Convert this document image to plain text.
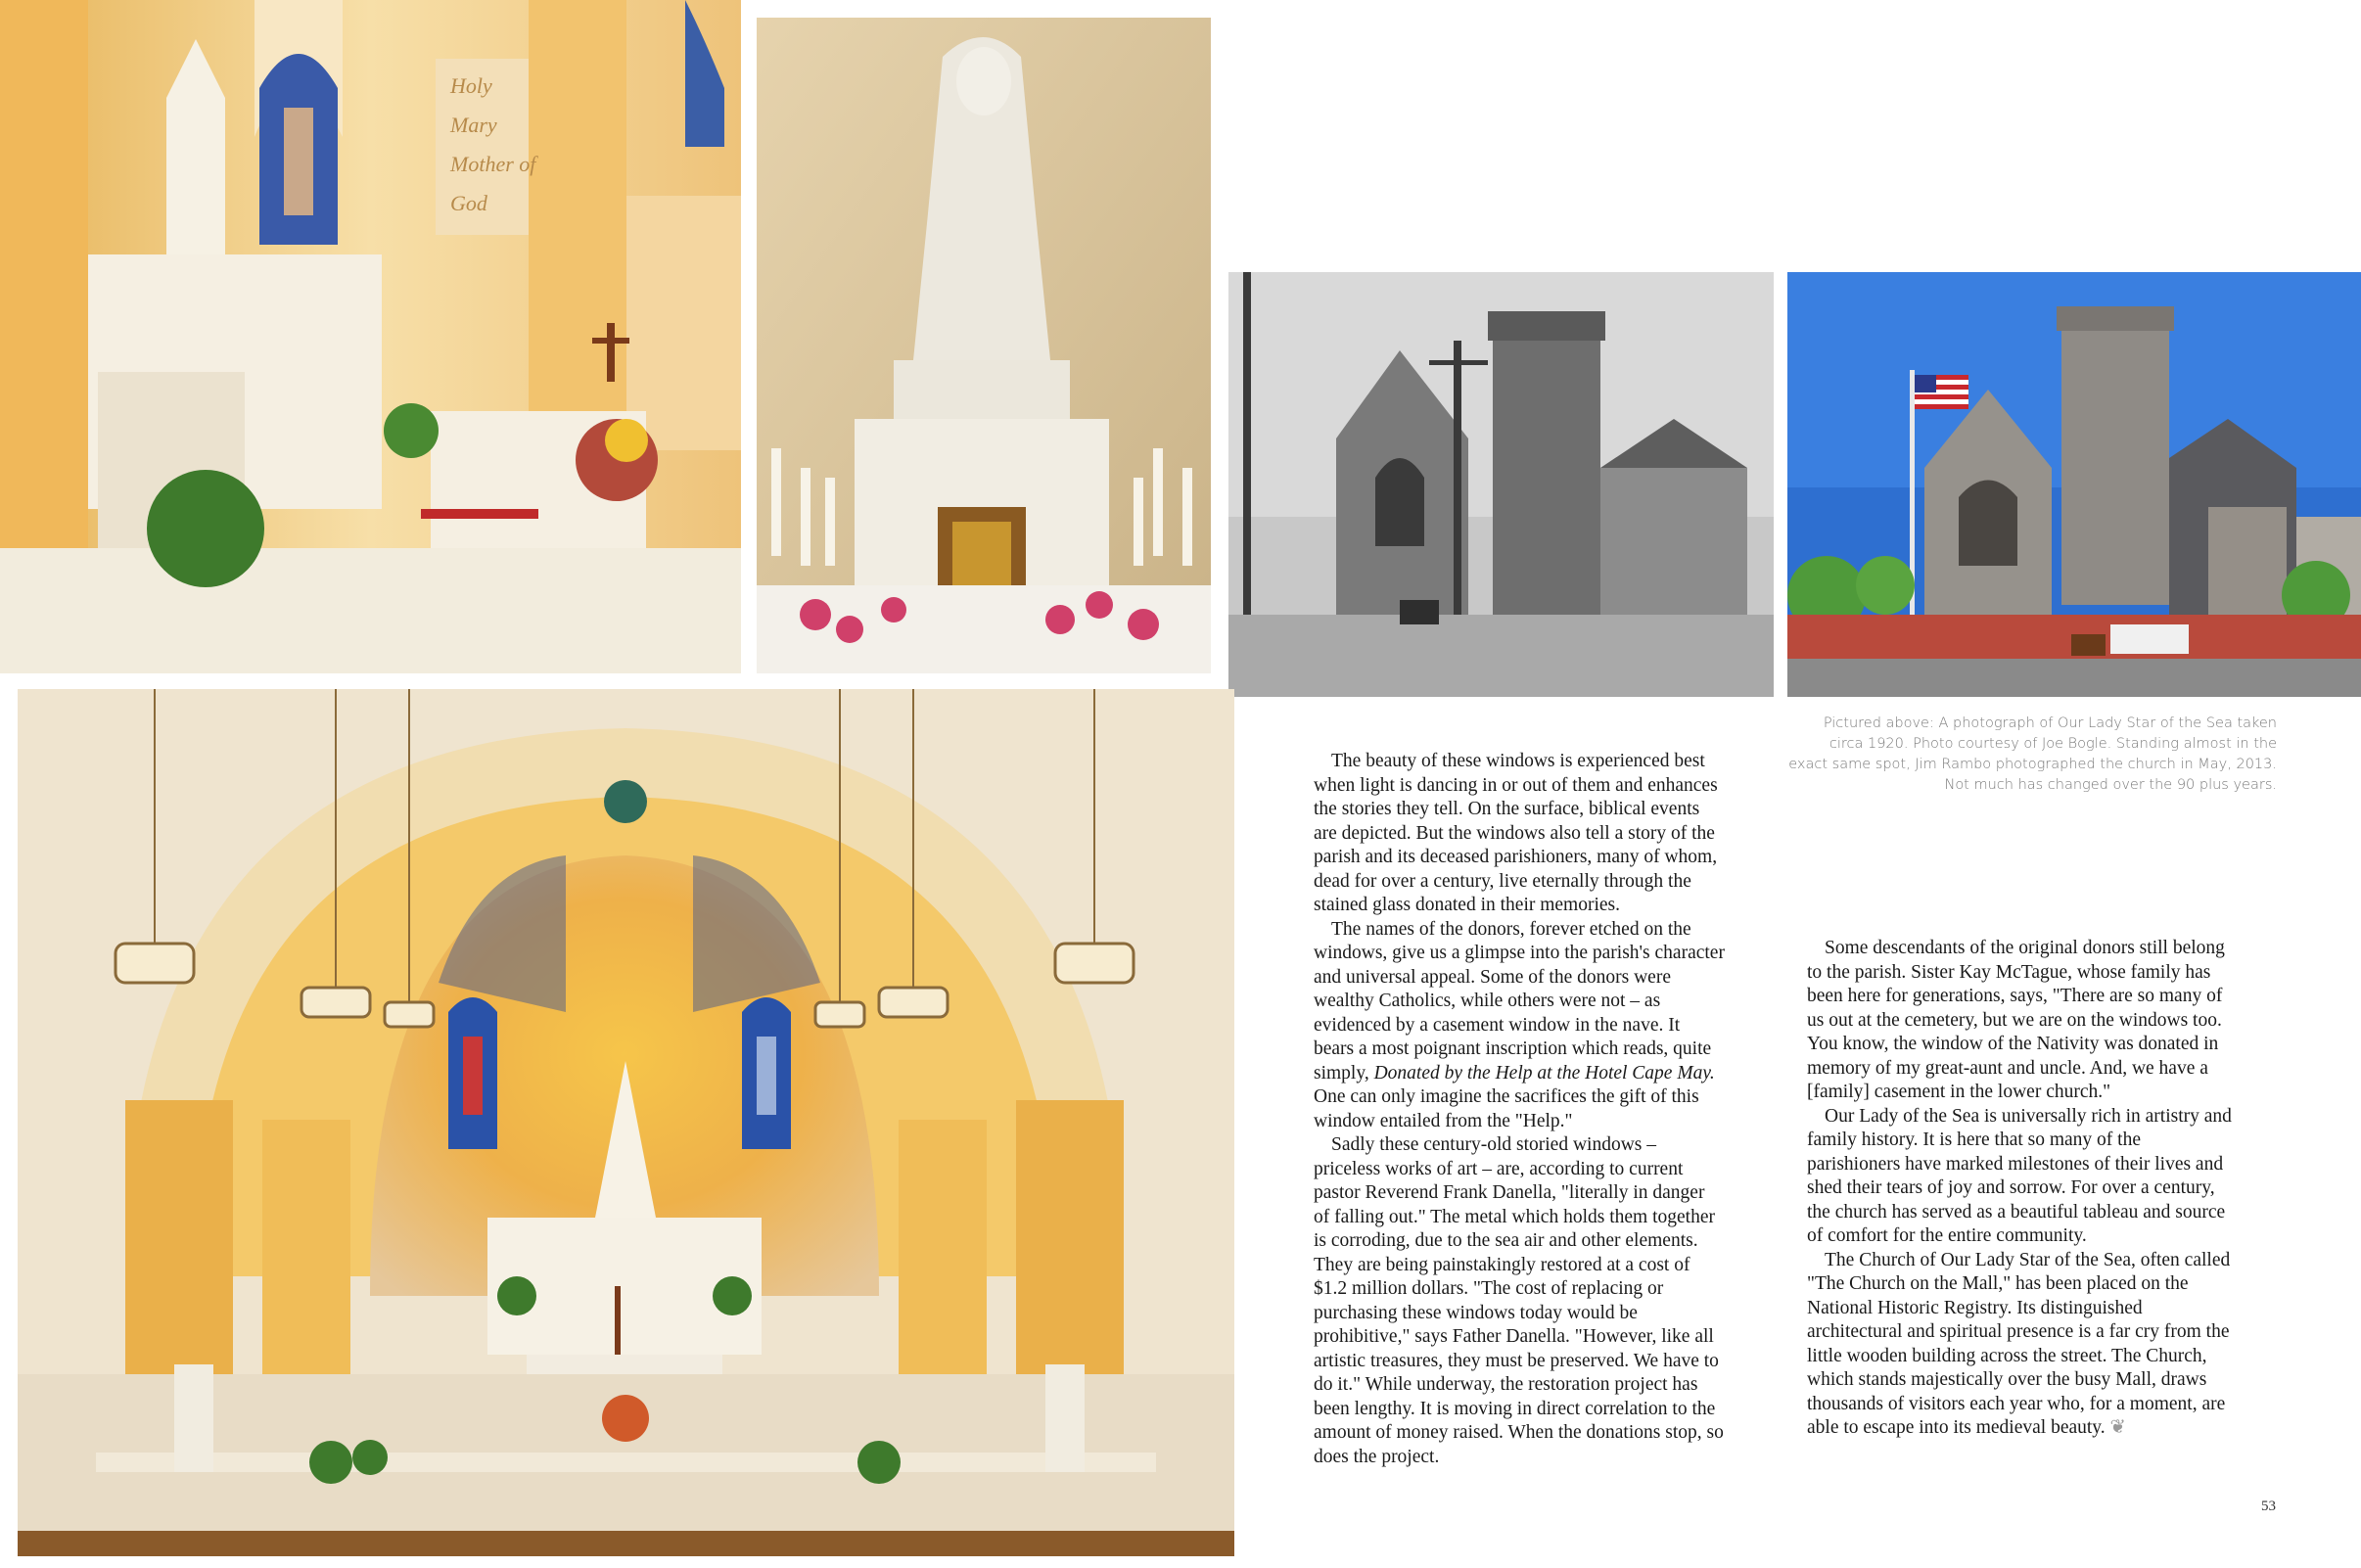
Holy
Mary
Mother of
God
Pictured above: A photograph of Our Lady Star of the Sea taken circa 1920. Photo courtesy of Joe Bogle. Standing almost in the exact same spot, Jim Rambo photographed the church in May, 2013. Not much has changed over the 90 plus years.

The beauty of these windows is experienced best when light is dancing in or out of them and enhances the stories they tell. On the surface, biblical events are depicted. But the windows also tell a story of the parish and its deceased parishioners, many of whom, dead for over a century, live eternally through the stained glass donated in their memories.

The names of the donors, forever etched on the windows, give us a glimpse into the parish's character and universal appeal. Some of the donors were wealthy Catholics, while others were not – as evidenced by a casement window in the nave. It bears a most poignant inscription which reads, quite simply, Donated by the Help at the Hotel Cape May. One can only imagine the sacrifices the gift of this window entailed from the "Help."

Sadly these century-old storied windows – priceless works of art – are, according to current pastor Reverend Frank Danella, "literally in danger of falling out." The metal which holds them together is corroding, due to the sea air and other elements. They are being painstakingly restored at a cost of $1.2 million dollars. "The cost of replacing or purchasing these windows today would be prohibitive," says Father Danella. "However, like all artistic treasures, they must be preserved. We have to do it." While underway, the restoration project has been lengthy. It is moving in direct correlation to the amount of money raised. When the donations stop, so does the project.

Some descendants of the original donors still belong to the parish. Sister Kay McTague, whose family has been here for generations, says, "There are so many of us out at the cemetery, but we are on the windows too. You know, the window of the Nativity was donated in memory of my great-aunt and uncle. And, we have a [family] casement in the lower church."

Our Lady of the Sea is universally rich in artistry and family history. It is here that so many of the parishioners have marked milestones of their lives and shed their tears of joy and sorrow. For over a century, the church has served as a beautiful tableau and source of comfort for the entire community.

The Church of Our Lady Star of the Sea, often called "The Church on the Mall," has been placed on the National Historic Registry. Its distinguished architectural and spiritual presence is a far cry from the little wooden building across the street. The Church, which stands majestically over the busy Mall, draws thousands of visitors each year who, for a moment, are able to escape into its medieval beauty. ❦

53
